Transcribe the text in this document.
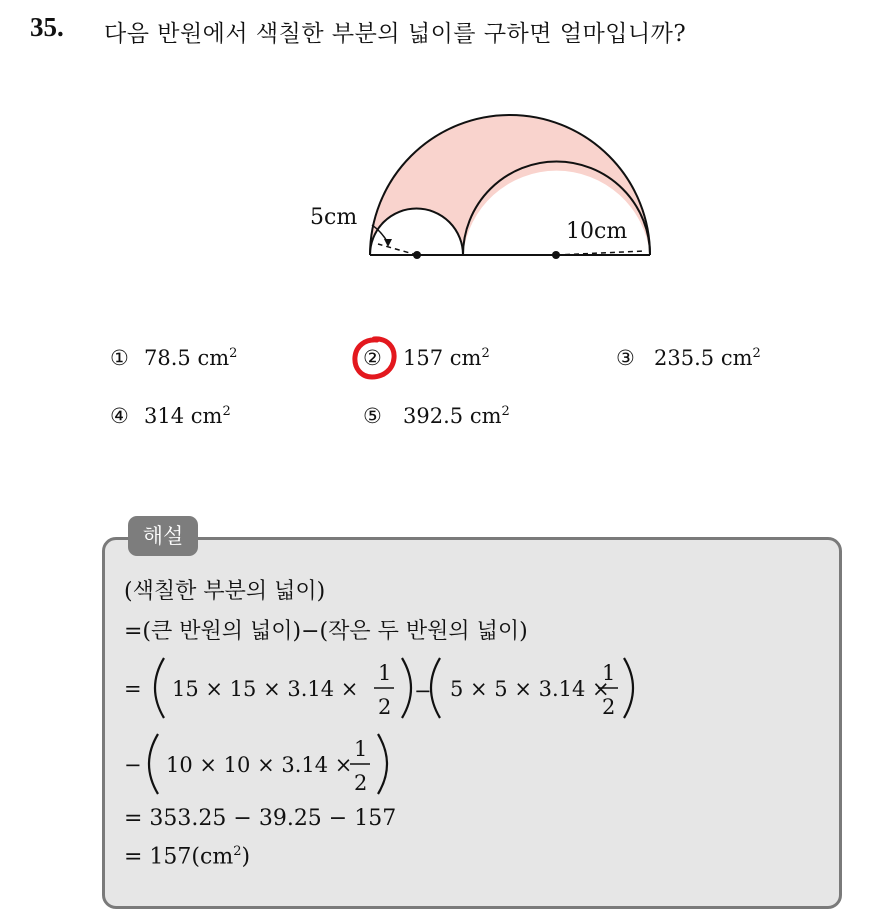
35. 다음 반원에서 색칠한 부분의 넓이를 구하면 얼마입니까?
5cm
10cm
① 78.5 $cm^2$	② 157 $cm^2$	③ 235.5 $cm^2$
④ 314 $cm^2$	⑤ 392.5 $cm^2$
해설
(색칠한 부분의 넓이)
=(큰 반원의 넓이)−(작은 두 반원의 넓이)
= 15 × 15 × 3.14 ×
1
2
− 5 × 5 × 3.14 ×
1
2
− 10 × 10 × 3.14 ×
1
2
= 353.25 − 39.25 − 157
= $157(cm^2)$
